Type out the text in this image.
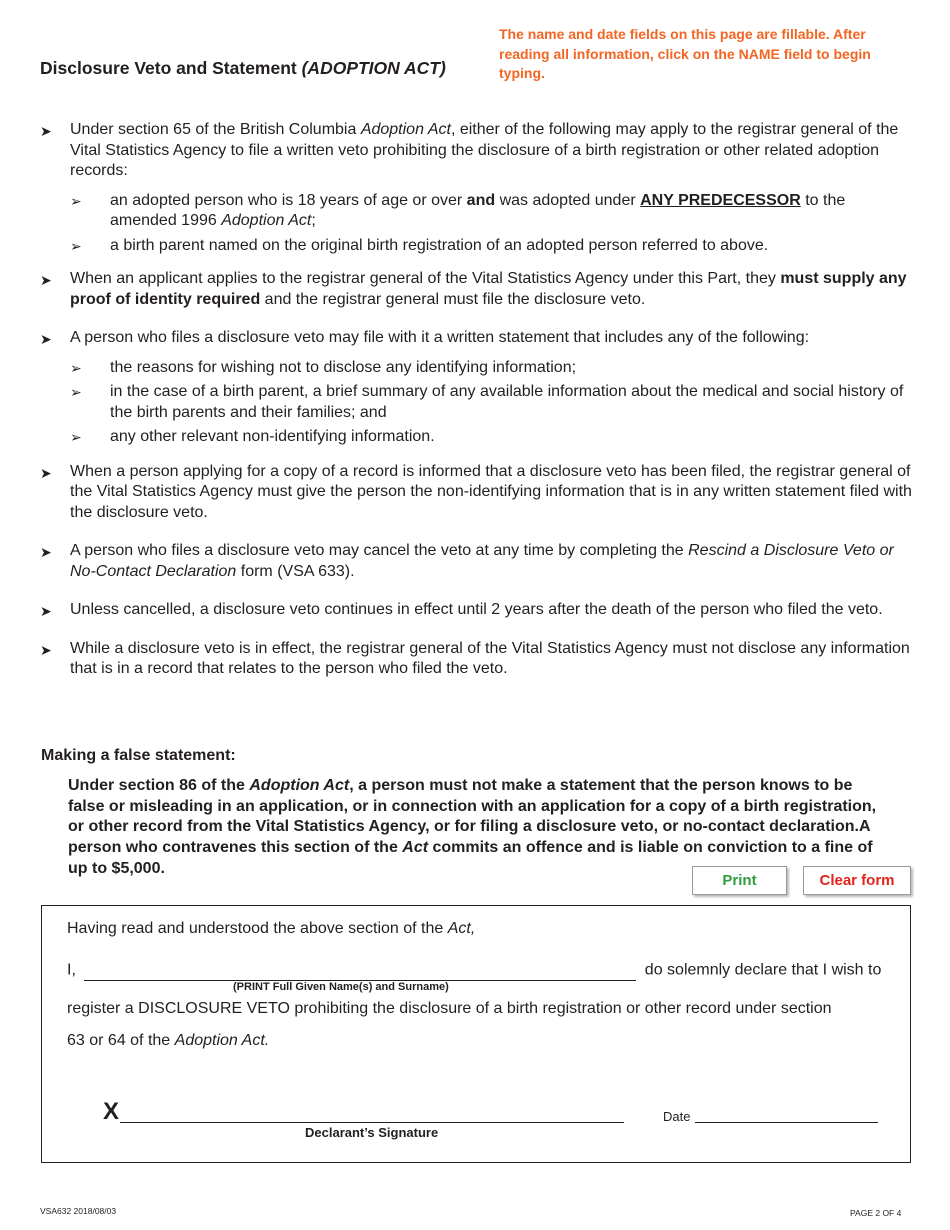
Disclosure Veto and Statement (ADOPTION ACT)
The name and date fields on this page are fillable. After reading all information, click on the NAME field to begin typing.
➤ Under section 65 of the British Columbia Adoption Act, either of the following may apply to the registrar general of the Vital Statistics Agency to file a written veto prohibiting the disclosure of a birth registration or other related adoption records:
➢ an adopted person who is 18 years of age or over and was adopted under ANY PREDECESSOR to the amended 1996 Adoption Act;
➢ a birth parent named on the original birth registration of an adopted person referred to above.
➤ When an applicant applies to the registrar general of the Vital Statistics Agency under this Part, they must supply any proof of identity required and the registrar general must file the disclosure veto.
➤ A person who files a disclosure veto may file with it a written statement that includes any of the following:
➢ the reasons for wishing not to disclose any identifying information;
➢ in the case of a birth parent, a brief summary of any available information about the medical and social history of the birth parents and their families; and
➢ any other relevant non-identifying information.
➤ When a person applying for a copy of a record is informed that a disclosure veto has been filed, the registrar general of the Vital Statistics Agency must give the person the non-identifying information that is in any written statement filed with the disclosure veto.
➤ A person who files a disclosure veto may cancel the veto at any time by completing the Rescind a Disclosure Veto or No-Contact Declaration form (VSA 633).
➤ Unless cancelled, a disclosure veto continues in effect until 2 years after the death of the person who filed the veto.
➤ While a disclosure veto is in effect, the registrar general of the Vital Statistics Agency must not disclose any information that is in a record that relates to the person who filed the veto.
Making a false statement:
Under section 86 of the Adoption Act, a person must not make a statement that the person knows to be false or misleading in an application, or in connection with an application for a copy of a birth registration, or other record from the Vital Statistics Agency, or for filing a disclosure veto, or no-contact declaration.A person who contravenes this section of the Act commits an offence and is liable on conviction to a fine of up to $5,000.
Print	Clear form
Having read and understood the above section of the Act,
I,	do solemnly declare that I wish to
(PRINT Full Given Name(s) and Surname)
register a DISCLOSURE VETO prohibiting the disclosure of a birth registration or other record under section
63 or 64 of the Adoption Act.
X
Declarant’s Signature
Date
VSA632 2018/08/03	PAGE 2 OF 4
